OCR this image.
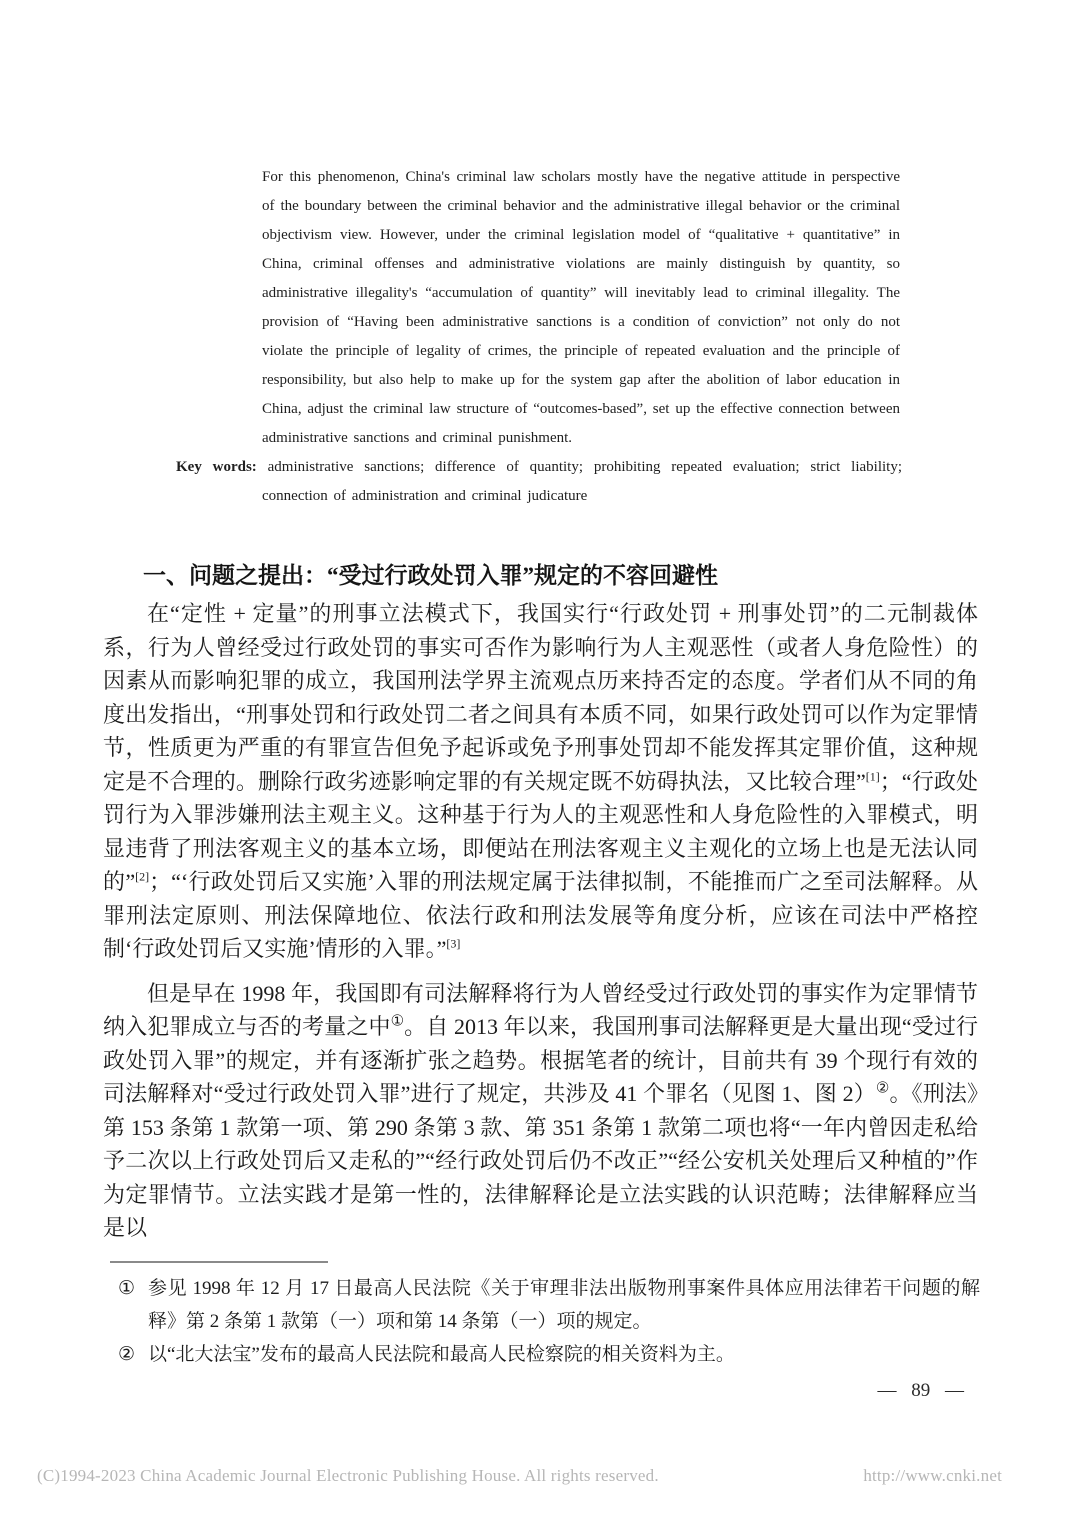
For this phenomenon, China's criminal law scholars mostly have the negative attitude in perspective of the boundary between the criminal behavior and the administrative illegal behavior or the criminal objectivism view. However, under the criminal legislation model of “qualitative + quantitative” in China, criminal offenses and administrative violations are mainly distinguish by quantity, so administrative illegality's “accumulation of quantity” will inevitably lead to criminal illegality. The provision of “Having been administrative sanctions is a condition of conviction” not only do not violate the principle of legality of crimes, the principle of repeated evaluation and the principle of responsibility, but also help to make up for the system gap after the abolition of labor education in China, adjust the criminal law structure of “outcomes-based”, set up the effective connection between administrative sanctions and criminal punishment.

Key words: administrative sanctions; difference of quantity; prohibiting repeated evaluation; strict liability; connection of administration and criminal judicature

一、问题之提出：“受过行政处罚入罪”规定的不容回避性

在“定性 + 定量”的刑事立法模式下，我国实行“行政处罚 + 刑事处罚”的二元制裁体系，行为人曾经受过行政处罚的事实可否作为影响行为人主观恶性（或者人身危险性）的因素从而影响犯罪的成立，我国刑法学界主流观点历来持否定的态度。学者们从不同的角度出发指出，“刑事处罚和行政处罚二者之间具有本质不同，如果行政处罚可以作为定罪情节，性质更为严重的有罪宣告但免予起诉或免予刑事处罚却不能发挥其定罪价值，这种规定是不合理的。删除行政劣迹影响定罪的有关规定既不妨碍执法，又比较合理”[1]；“行政处罚行为入罪涉嫌刑法主观主义。这种基于行为人的主观恶性和人身危险性的入罪模式，明显违背了刑法客观主义的基本立场，即便站在刑法客观主义主观化的立场上也是无法认同的”[2]；“‘行政处罚后又实施’入罪的刑法规定属于法律拟制，不能推而广之至司法解释。从罪刑法定原则、刑法保障地位、依法行政和刑法发展等角度分析，应该在司法中严格控制‘行政处罚后又实施’情形的入罪。”[3]

但是早在 1998 年，我国即有司法解释将行为人曾经受过行政处罚的事实作为定罪情节纳入犯罪成立与否的考量之中①。自 2013 年以来，我国刑事司法解释更是大量出现“受过行政处罚入罪”的规定，并有逐渐扩张之趋势。根据笔者的统计，目前共有 39 个现行有效的司法解释对“受过行政处罚入罪”进行了规定，共涉及 41 个罪名（见图 1、图 2）②。《刑法》第 153 条第 1 款第一项、第 290 条第 3 款、第 351 条第 1 款第二项也将“一年内曾因走私给予二次以上行政处罚后又走私的”“经行政处罚后仍不改正”“经公安机关处理后又种植的”作为定罪情节。立法实践才是第一性的，法律解释论是立法实践的认识范畴；法律解释应当是以

① 参见 1998 年 12 月 17 日最高人民法院《关于审理非法出版物刑事案件具体应用法律若干问题的解释》第 2 条第 1 款第（一）项和第 14 条第（一）项的规定。
② 以“北大法宝”发布的最高人民法院和最高人民检察院的相关资料为主。
— 89 —
(C)1994-2023 China Academic Journal Electronic Publishing House. All rights reserved.	http://www.cnki.net
